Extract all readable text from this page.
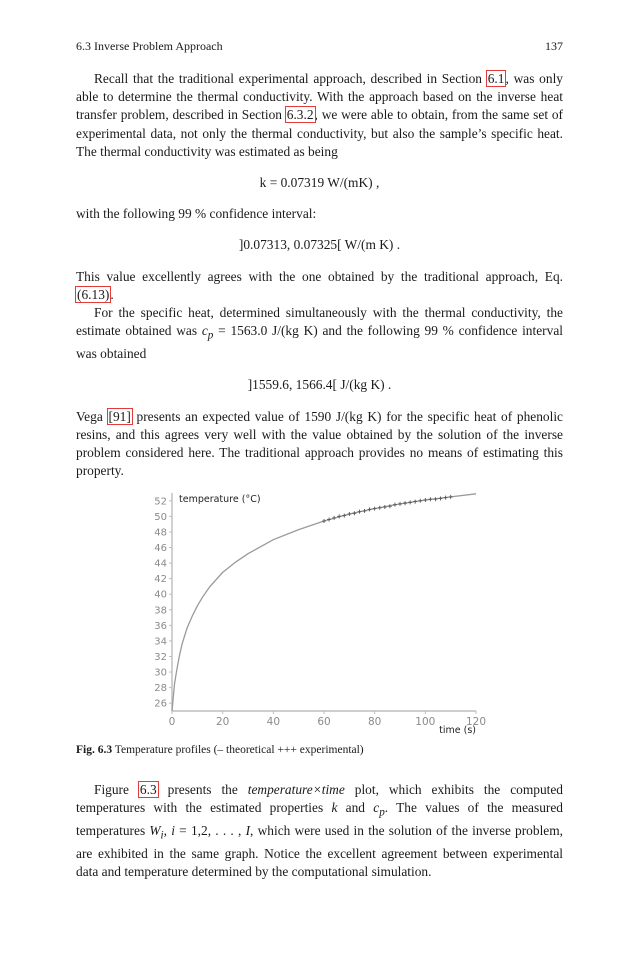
6.3 Inverse Problem Approach	137

Recall that the traditional experimental approach, described in Section 6.1, was only able to determine the thermal conductivity. With the approach based on the inverse heat transfer problem, described in Section 6.3.2, we were able to obtain, from the same set of experimental data, not only the thermal conductivity, but also the sample’s specific heat. The thermal conductivity was estimated as being

k = 0.07319 W/(mK) ,

with the following 99 % confidence interval:

]0.07313, 0.07325[ W/(m K) .

This value excellently agrees with the one obtained by the traditional approach, Eq. (6.13).

For the specific heat, determined simultaneously with the thermal conductivity, the estimate obtained was $c_p = 1563.0$ J/(kg K) and the following 99 % confidence interval was obtained

]1559.6, 1566.4[ J/(kg K) .

Vega [91] presents an expected value of 1590 J/(kg K) for the specific heat of phenolic resins, and this agrees very well with the value obtained by the solution of the inverse problem considered here. The traditional approach provides no means of estimating this property.

26
28
30
32
34
36
38
40
42
44
46
48
50
52
0	20	40	60	80	100	120
temperature (°C)
time (s)
Fig. 6.3 Temperature profiles (– theoretical +++ experimental)

Figure 6.3 presents the temperature×time plot, which exhibits the computed temperatures with the estimated properties k and $c_p$. The values of the measured temperatures $W_i$, i = 1,2, . . . , I, which were used in the solution of the inverse problem, are exhibited in the same graph. Notice the excellent agreement between experimental data and temperature determined by the computational simulation.
